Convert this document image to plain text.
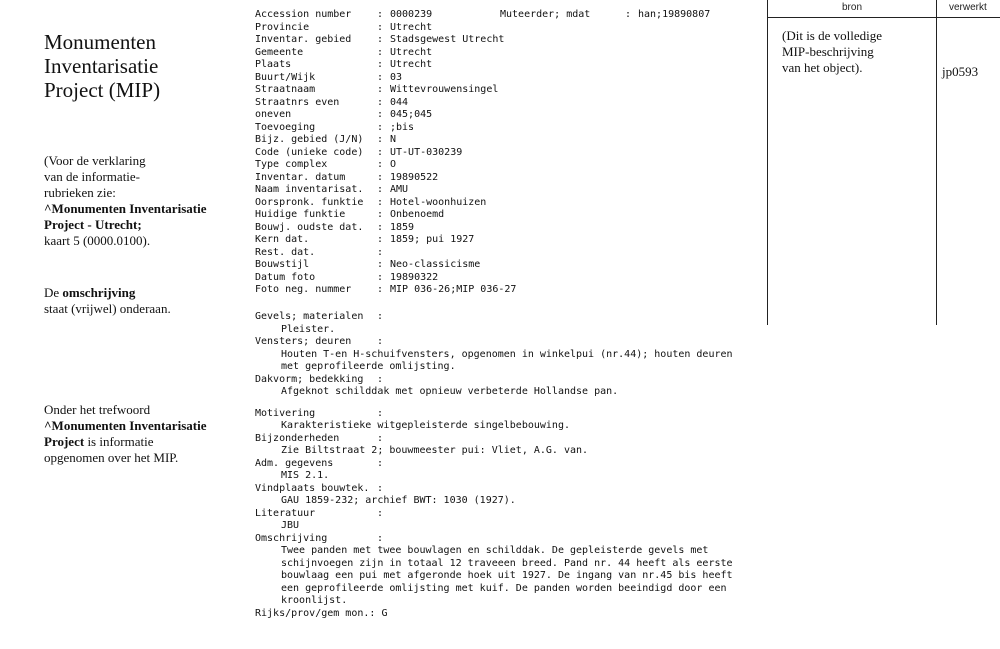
Monumenten
Inventarisatie
Project (MIP)
(Voor de verklaring
van de informatie-
rubrieken zie:
^Monumenten Inventarisatie
Project - Utrecht;
kaart 5 (0000.0100).
De omschrijving
staat (vrijwel) onderaan.
Onder het trefwoord
^Monumenten Inventarisatie
Project is informatie
opgenomen over het MIP.
Accession number	: 0000239	Muteerder; mdat	: han;19890807
Provincie	: Utrecht
Inventar. gebied	: Stadsgewest Utrecht
Gemeente	: Utrecht
Plaats	: Utrecht
Buurt/Wijk	: 03
Straatnaam	: Wittevrouwensingel
Straatnrs even	: 044
oneven	: 045;045
Toevoeging	: ;bis
Bijz. gebied (J/N) : N
Code (unieke code) : UT-UT-030239
Type complex	: O
Inventar. datum	: 19890522
Naam inventarisat. : AMU
Oorspronk. funktie : Hotel-woonhuizen
Huidige funktie	: Onbenoemd
Bouwj. oudste dat. : 1859
Kern dat.	: 1859; pui 1927
Rest. dat.	:
Bouwstijl	: Neo-classicisme
Datum foto	: 19890322
Foto neg. nummer	: MIP 036-26;MIP 036-27
Gevels; materialen :
Pleister.
Vensters; deuren	:
Houten T-en H-schuifvensters, opgenomen in winkelpui (nr.44); houten deuren
met geprofileerde omlijsting.
Dakvorm; bedekking :
Afgeknot schilddak met opnieuw verbeterde Hollandse pan.
Motivering	:
Karakteristieke witgepleisterde singelbebouwing.
Bijzonderheden	:
Zie Biltstraat 2; bouwmeester pui: Vliet, A.G. van.
Adm. gegevens	:
MIS 2.1.
Vindplaats bouwtek. :
GAU 1859-232; archief BWT: 1030 (1927).
Literatuur	:
JBU
Omschrijving	:
Twee panden met twee bouwlagen en schilddak. De gepleisterde gevels met
schijnvoegen zijn in totaal 12 traveeen breed. Pand nr. 44 heeft als eerste
bouwlaag een pui met afgeronde hoek uit 1927. De ingang van nr.45 bis heeft
een geprofileerde omlijsting met kuif. De panden worden beeindigd door een
kroonlijst.
Rijks/prov/gem mon.: G
bron	verwerkt
(Dit is de volledige
MIP-beschrijving
van het object).	jp0593
